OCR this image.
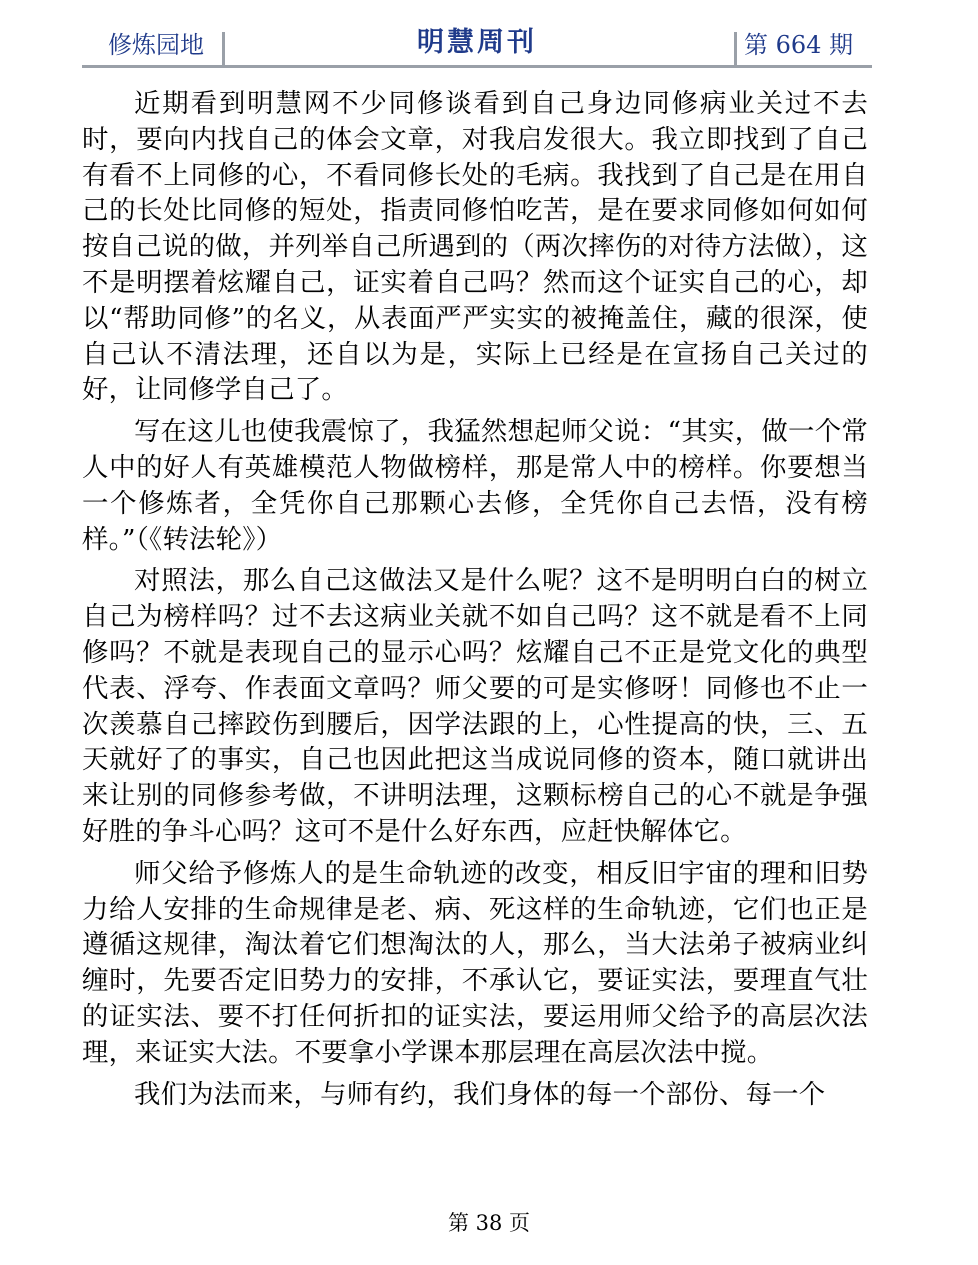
修炼园地	明慧周刊	第 664 期

近期看到明慧网不少同修谈看到自己身边同修病业关过不去时，要向内找自己的体会文章，对我启发很大。我立即找到了自己有看不上同修的心，不看同修长处的毛病。我找到了自己是在用自己的长处比同修的短处，指责同修怕吃苦，是在要求同修如何如何按自己说的做，并列举自己所遇到的（两次摔伤的对待方法做），这不是明摆着炫耀自己，证实着自己吗？然而这个证实自己的心，却以“帮助同修”的名义，从表面严严实实的被掩盖住，藏的很深，使自己认不清法理，还自以为是，实际上已经是在宣扬自己关过的好，让同修学自己了。

写在这儿也使我震惊了，我猛然想起师父说：“其实，做一个常人中的好人有英雄模范人物做榜样，那是常人中的榜样。你要想当一个修炼者，全凭你自己那颗心去修，全凭你自己去悟，没有榜样。”（《转法轮》）

对照法，那么自己这做法又是什么呢？这不是明明白白的树立自己为榜样吗？过不去这病业关就不如自己吗？这不就是看不上同修吗？不就是表现自己的显示心吗？炫耀自己不正是党文化的典型代表、浮夸、作表面文章吗？师父要的可是实修呀！同修也不止一次羡慕自己摔跤伤到腰后，因学法跟的上，心性提高的快，三、五天就好了的事实，自己也因此把这当成说同修的资本，随口就讲出来让别的同修参考做，不讲明法理，这颗标榜自己的心不就是争强好胜的争斗心吗？这可不是什么好东西，应赶快解体它。

师父给予修炼人的是生命轨迹的改变，相反旧宇宙的理和旧势力给人安排的生命规律是老、病、死这样的生命轨迹，它们也正是遵循这规律，淘汰着它们想淘汰的人，那么，当大法弟子被病业纠缠时，先要否定旧势力的安排，不承认它，要证实法，要理直气壮的证实法、要不打任何折扣的证实法，要运用师父给予的高层次法理，来证实大法。不要拿小学课本那层理在高层次法中搅。

我们为法而来，与师有约，我们身体的每一个部份、每一个

第 38 页
